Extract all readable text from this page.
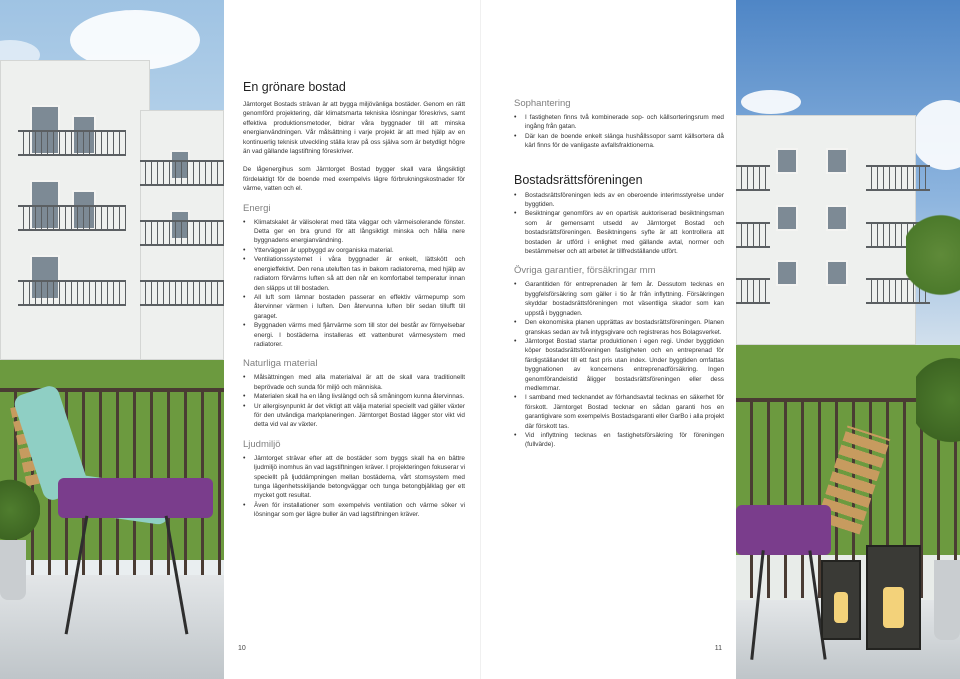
En grönare bostad

Järntorget Bostads strävan är att bygga miljövänliga bostäder. Genom en rätt genomförd projektering, där klimatsmarta tekniska lösningar föreskrivs, samt effektiva produktionsmetoder, bidrar våra byggnader till att minska energianvändningen. Vår målsättning i varje projekt är att med hjälp av en kontinuerlig teknisk utveckling ställa krav på oss själva som är betydligt högre än vad gällande lagstiftning föreskriver.

De lågenergihus som Järntorget Bostad bygger skall vara långsiktigt fördelaktigt för de boende med exempelvis lägre förbrukningskostnader för värme, vatten och el.

Energi
• Klimatskalet är välisolerat med täta väggar och värmeisolerande fönster. Detta ger en bra grund för att långsiktigt minska och hålla nere byggnadens energianvändning.
• Ytterväggen är uppbyggd av oorganiska material.
• Ventilationssystemet i våra byggnader är enkelt, lättskött och energieffektivt. Den rena uteluften tas in bakom radiatorerna, med hjälp av radiatorn förvärms luften så att den når en komfortabel temperatur innan den släpps ut till bostaden.
• All luft som lämnar bostaden passerar en effektiv värmepump som återvinner värmen i luften. Den återvunna luften blir sedan tillufft till garaget.
• Byggnaden värms med fjärrvärme som till stor del består av förnyelsebar energi. I bostäderna installeras ett vattenburet värmesystem med radiatorer.
Naturliga material
• Målsättningen med alla materialval är att de skall vara traditionellt beprövade och sunda för miljö och människa.
• Materialen skall ha en lång livslängd och så småningom kunna återvinnas.
• Ur allergisynpunkt är det viktigt att välja material speciellt vad gäller växter för den utvändiga markplaneringen. Järntorget Bostad lägger stor vikt vid detta vid val av växter.
Ljudmiljö
• Järntorget strävar efter att de bostäder som byggs skall ha en bättre ljudmiljö inomhus än vad lagstiftningen kräver. I projekteringen fokuserar vi speciellt på ljuddämpningen mellan bostäderna, vårt stomsystem med tunga lägenhetsskiljande betongväggar och tunga betongbjälklag ger ett mycket gott resultat.
• Även för installationer som exempelvis ventilation och värme söker vi lösningar som ger lägre buller än vad lagstiftningen kräver.
10
Sophantering
• I fastigheten finns två kombinerade sop- och källsorteringsrum med ingång från gatan.
• Där kan de boende enkelt slänga hushållssopor samt källsortera då kärl finns för de vanligaste avfallsfraktionerna.
Bostadsrättsföreningen
• Bostadsrättsföreningen leds av en oberoende interimsstyrelse under byggtiden.
• Besiktningar genomförs av en opartisk auktoriserad besiktningsman som är gemensamt utsedd av Järntorget Bostad och bostadsrättsföreningen. Besiktningens syfte är att kontrollera att bostaden är utförd i enlighet med gällande avtal, normer och bestämmelser och att arbetet är tillfredställande utfört.
Övriga garantier, försäkringar mm
• Garantitiden för entreprenaden är fem år. Dessutom tecknas en byggfelsförsäkring som gäller i tio år från inflyttning. Försäkringen skyddar bostadsrättsföreningen mot väsentliga skador som kan uppstå i byggnaden.
• Den ekonomiska planen upprättas av bostadsrättsföreningen. Planen granskas sedan av två intygsgivare och registreras hos Bolagsverket.
• Järntorget Bostad startar produktionen i egen regi. Under byggtiden köper bostadsrättsföreningen fastigheten och en entreprenad för färdigställandet till ett fast pris utan index. Under byggtiden omfattas byggnationen av koncernens entreprenadförsäkring. Ingen genomförandeistid åligger bostadsrättsföreningen eller dess medlemmar.
• I samband med tecknandet av förhandsavtal tecknas en säkerhet för förskott. Järntorget Bostad tecknar en sådan garanti hos en garantigivare som exempelvis Bostadsgaranti eller GarBo i alla projekt där förskott tas.
• Vid inflyttning tecknas en fastighetsförsäkring för föreningen (fullvärde).
11
